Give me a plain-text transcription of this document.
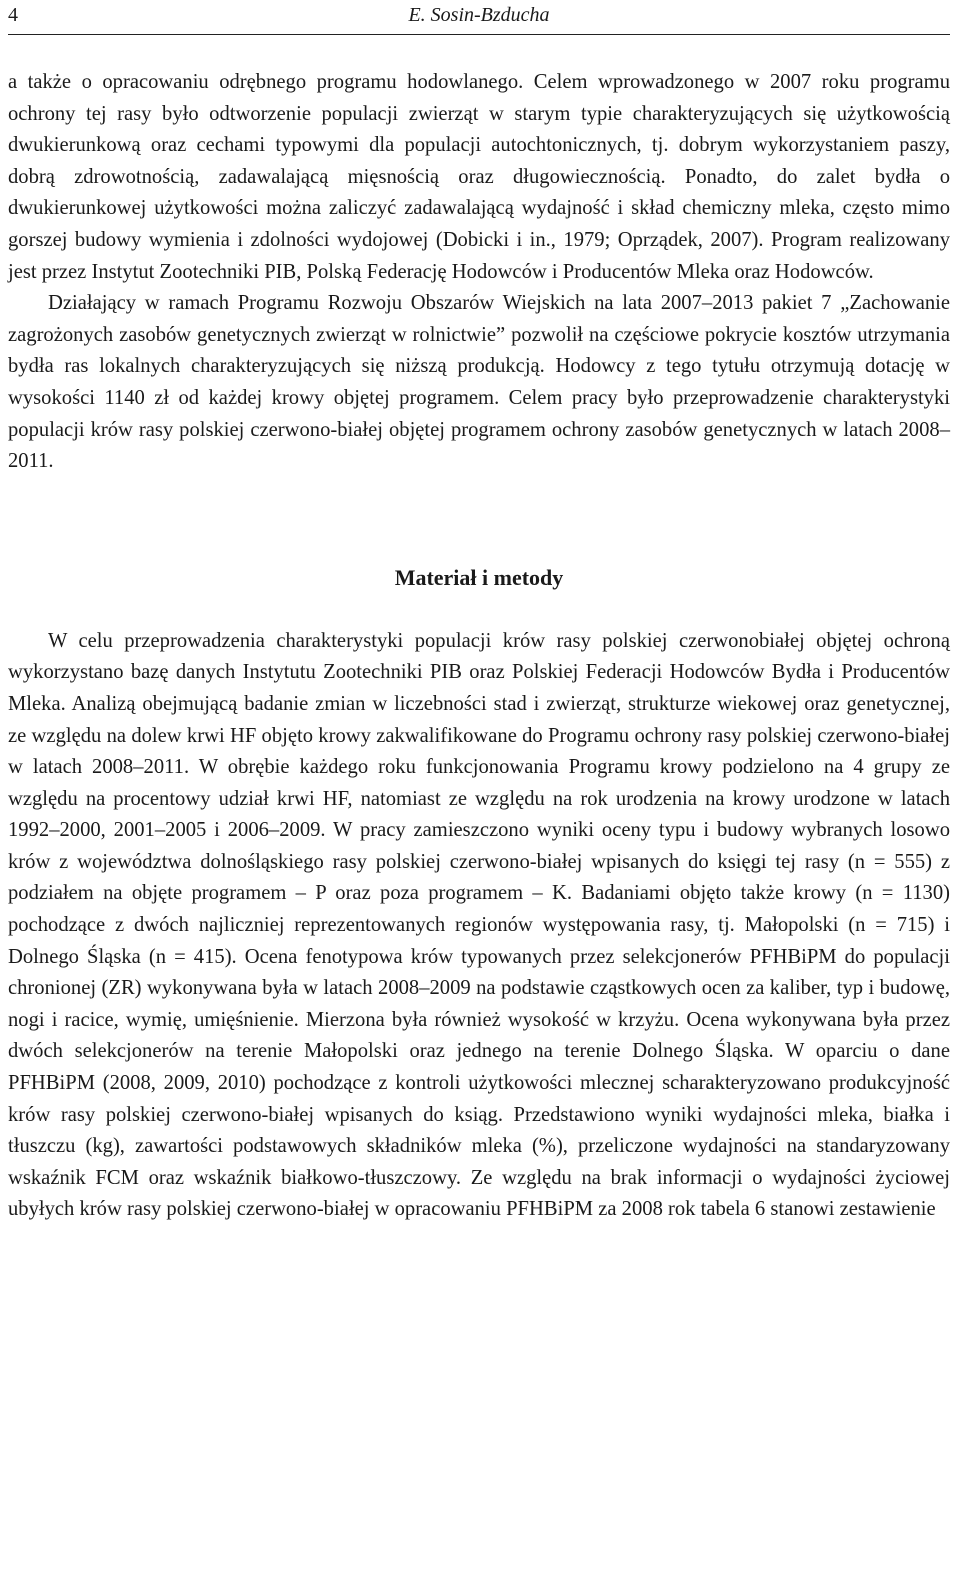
4	E. Sosin-Bzducha

a także o opracowaniu odrębnego programu hodowlanego. Celem wprowadzonego w 2007 roku programu ochrony tej rasy było odtworzenie populacji zwierząt w starym typie charakteryzujących się użytkowością dwukierunkową oraz cechami typowymi dla populacji autochtonicznych, tj. dobrym wykorzystaniem paszy, dobrą zdrowotnością, zadawalającą mięsnością oraz długowiecznością. Ponadto, do zalet bydła o dwukierunkowej użytkowości można zaliczyć zadawalającą wydajność i skład chemiczny mleka, często mimo gorszej budowy wymienia i zdolności wydojowej (Dobicki i in., 1979; Oprządek, 2007). Program realizowany jest przez Instytut Zootechniki PIB, Polską Federację Hodowców i Producentów Mleka oraz Hodowców.

Działający w ramach Programu Rozwoju Obszarów Wiejskich na lata 2007–2013 pakiet 7 „Zachowanie zagrożonych zasobów genetycznych zwierząt w rolnictwie” pozwolił na częściowe pokrycie kosztów utrzymania bydła ras lokalnych charakteryzujących się niższą produkcją. Hodowcy z tego tytułu otrzymują dotację w wysokości 1140 zł od każdej krowy objętej programem. Celem pracy było przeprowadzenie charakterystyki populacji krów rasy polskiej czerwono-białej objętej programem ochrony zasobów genetycznych w latach 2008–2011.

Materiał i metody

W celu przeprowadzenia charakterystyki populacji krów rasy polskiej czerwonobiałej objętej ochroną wykorzystano bazę danych Instytutu Zootechniki PIB oraz Polskiej Federacji Hodowców Bydła i Producentów Mleka. Analizą obejmującą badanie zmian w liczebności stad i zwierząt, strukturze wiekowej oraz genetycznej, ze względu na dolew krwi HF objęto krowy zakwalifikowane do Programu ochrony rasy polskiej czerwono-białej w latach 2008–2011. W obrębie każdego roku funkcjonowania Programu krowy podzielono na 4 grupy ze względu na procentowy udział krwi HF, natomiast ze względu na rok urodzenia na krowy urodzone w latach 1992–2000, 2001–2005 i 2006–2009. W pracy zamieszczono wyniki oceny typu i budowy wybranych losowo krów z województwa dolnośląskiego rasy polskiej czerwono-białej wpisanych do księgi tej rasy (n = 555) z podziałem na objęte programem – P oraz poza programem – K. Badaniami objęto także krowy (n = 1130) pochodzące z dwóch najliczniej reprezentowanych regionów występowania rasy, tj. Małopolski (n = 715) i Dolnego Śląska (n = 415). Ocena fenotypowa krów typowanych przez selekcjonerów PFHBiPM do populacji chronionej (ZR) wykonywana była w latach 2008–2009 na podstawie cząstkowych ocen za kaliber, typ i budowę, nogi i racice, wymię, umięśnienie. Mierzona była również wysokość w krzyżu. Ocena wykonywana była przez dwóch selekcjonerów na terenie Małopolski oraz jednego na terenie Dolnego Śląska. W oparciu o dane PFHBiPM (2008, 2009, 2010) pochodzące z kontroli użytkowości mlecznej scharakteryzowano produkcyjność krów rasy polskiej czerwono-białej wpisanych do ksiąg. Przedstawiono wyniki wydajności mleka, białka i tłuszczu (kg), zawartości podstawowych składników mleka (%), przeliczone wydajności na standaryzowany wskaźnik FCM oraz wskaźnik białkowo-tłuszczowy. Ze względu na brak informacji o wydajności życiowej ubyłych krów rasy polskiej czerwono-białej w opracowaniu PFHBiPM za 2008 rok tabela 6 stanowi zestawienie
